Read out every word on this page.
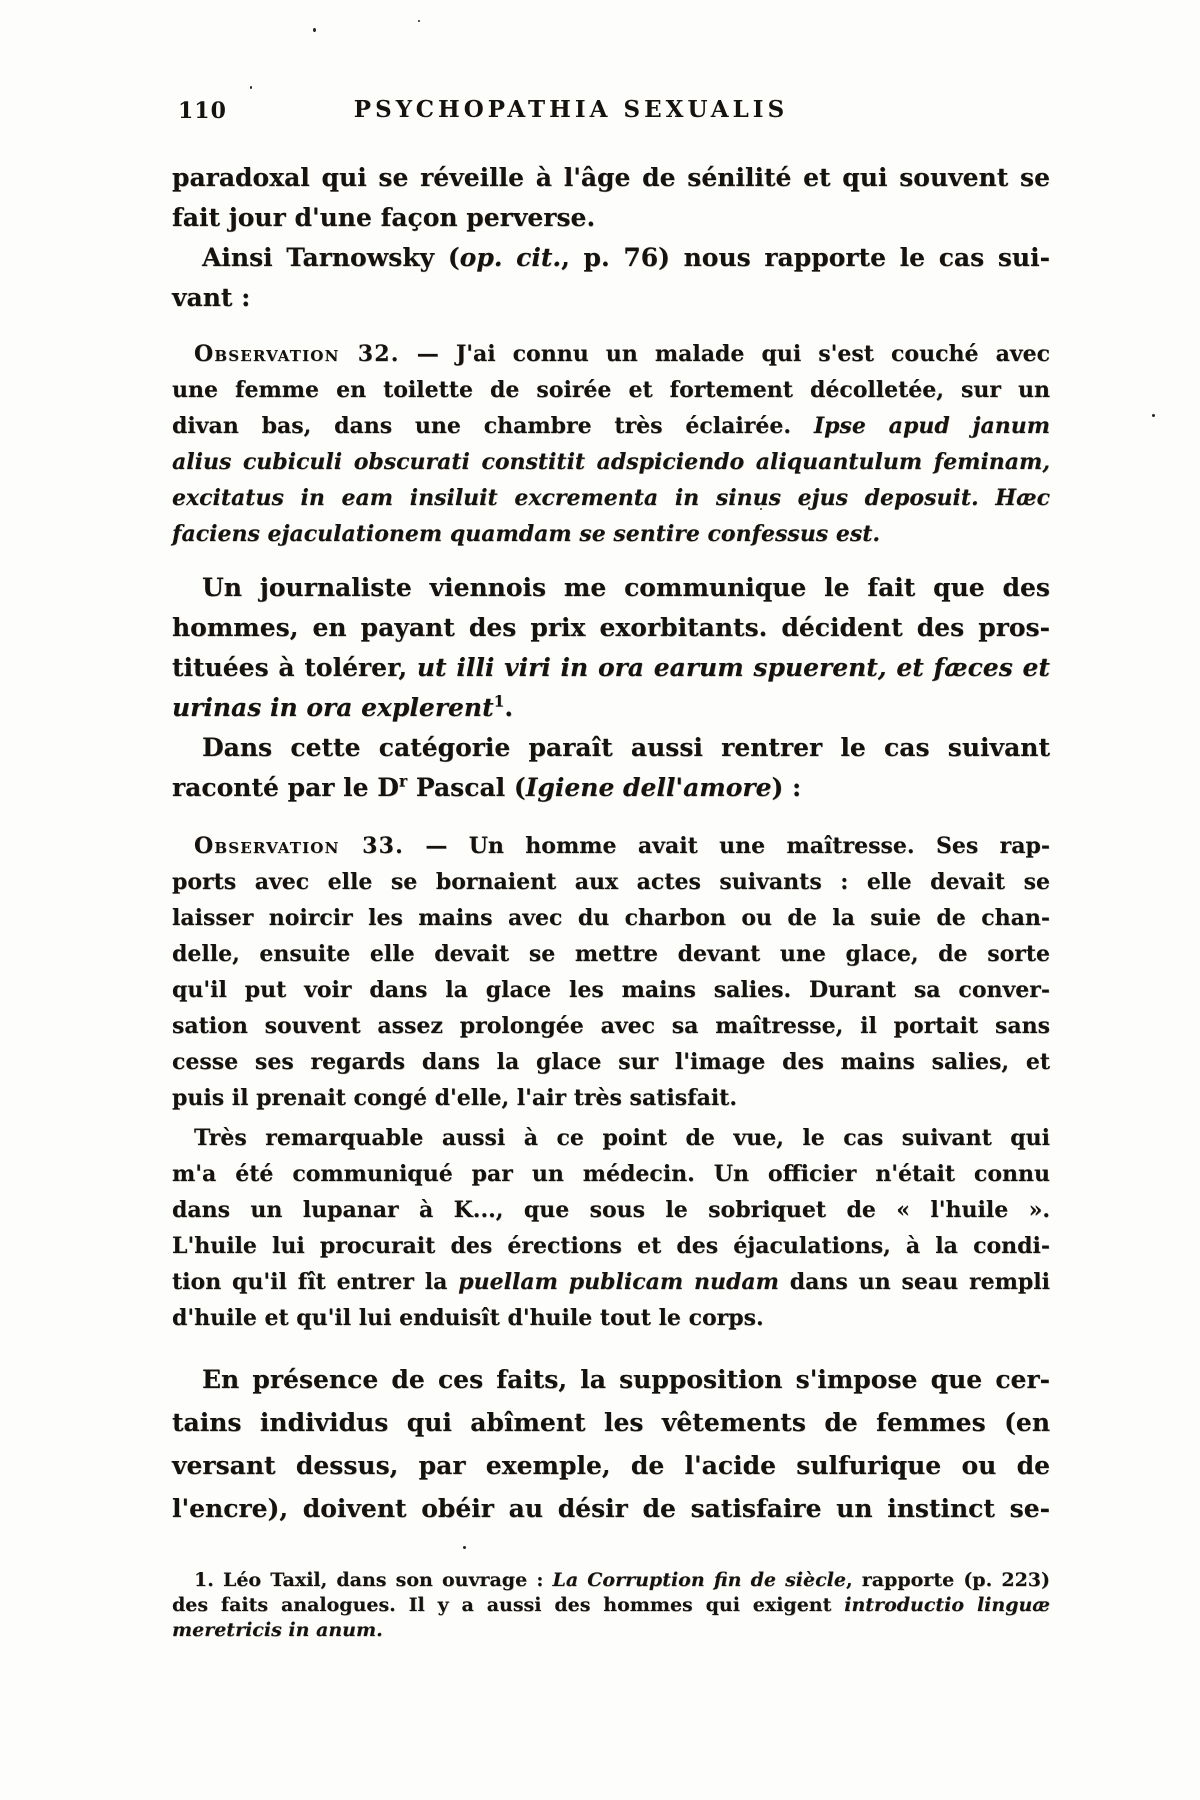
110	PSYCHOPATHIA SEXUALIS
paradoxal qui se réveille à l'âge de sénilité et qui souvent se
fait jour d'une façon perverse.
Ainsi Tarnowsky (op. cit., p. 76) nous rapporte le cas sui-
vant :
Observation 32. — J'ai connu un malade qui s'est couché avec
une femme en toilette de soirée et fortement décolletée, sur un
divan bas, dans une chambre très éclairée. Ipse apud janum
alius cubiculi obscurati constitit adspiciendo aliquantulum feminam,
excitatus in eam insiluit excrementa in sinus ejus deposuit. Hæc
faciens ejaculationem quamdam se sentire confessus est.
Un journaliste viennois me communique le fait que des
hommes, en payant des prix exorbitants. décident des pros-
tituées à tolérer, ut illi viri in ora earum spuerent, et fæces et
urinas in ora explerent$^1$.
Dans cette catégorie paraît aussi rentrer le cas suivant
raconté par le $D^r$ Pascal (Igiene dell'amore) :
Observation 33. — Un homme avait une maîtresse. Ses rap-
ports avec elle se bornaient aux actes suivants : elle devait se
laisser noircir les mains avec du charbon ou de la suie de chan-
delle, ensuite elle devait se mettre devant une glace, de sorte
qu'il put voir dans la glace les mains salies. Durant sa conver-
sation souvent assez prolongée avec sa maîtresse, il portait sans
cesse ses regards dans la glace sur l'image des mains salies, et
puis il prenait congé d'elle, l'air très satisfait.
Très remarquable aussi à ce point de vue, le cas suivant qui
m'a été communiqué par un médecin. Un officier n'était connu
dans un lupanar à K..., que sous le sobriquet de « l'huile ».
L'huile lui procurait des érections et des éjaculations, à la condi-
tion qu'il fît entrer la puellam publicam nudam dans un seau rempli
d'huile et qu'il lui enduisît d'huile tout le corps.
En présence de ces faits, la supposition s'impose que cer-
tains individus qui abîment les vêtements de femmes (en
versant dessus, par exemple, de l'acide sulfurique ou de
l'encre), doivent obéir au désir de satisfaire un instinct se-
1. Léo Taxil, dans son ouvrage : La Corruption fin de siècle, rapporte (p. 223)
des faits analogues. Il y a aussi des hommes qui exigent introductio linguæ
meretricis in anum.
